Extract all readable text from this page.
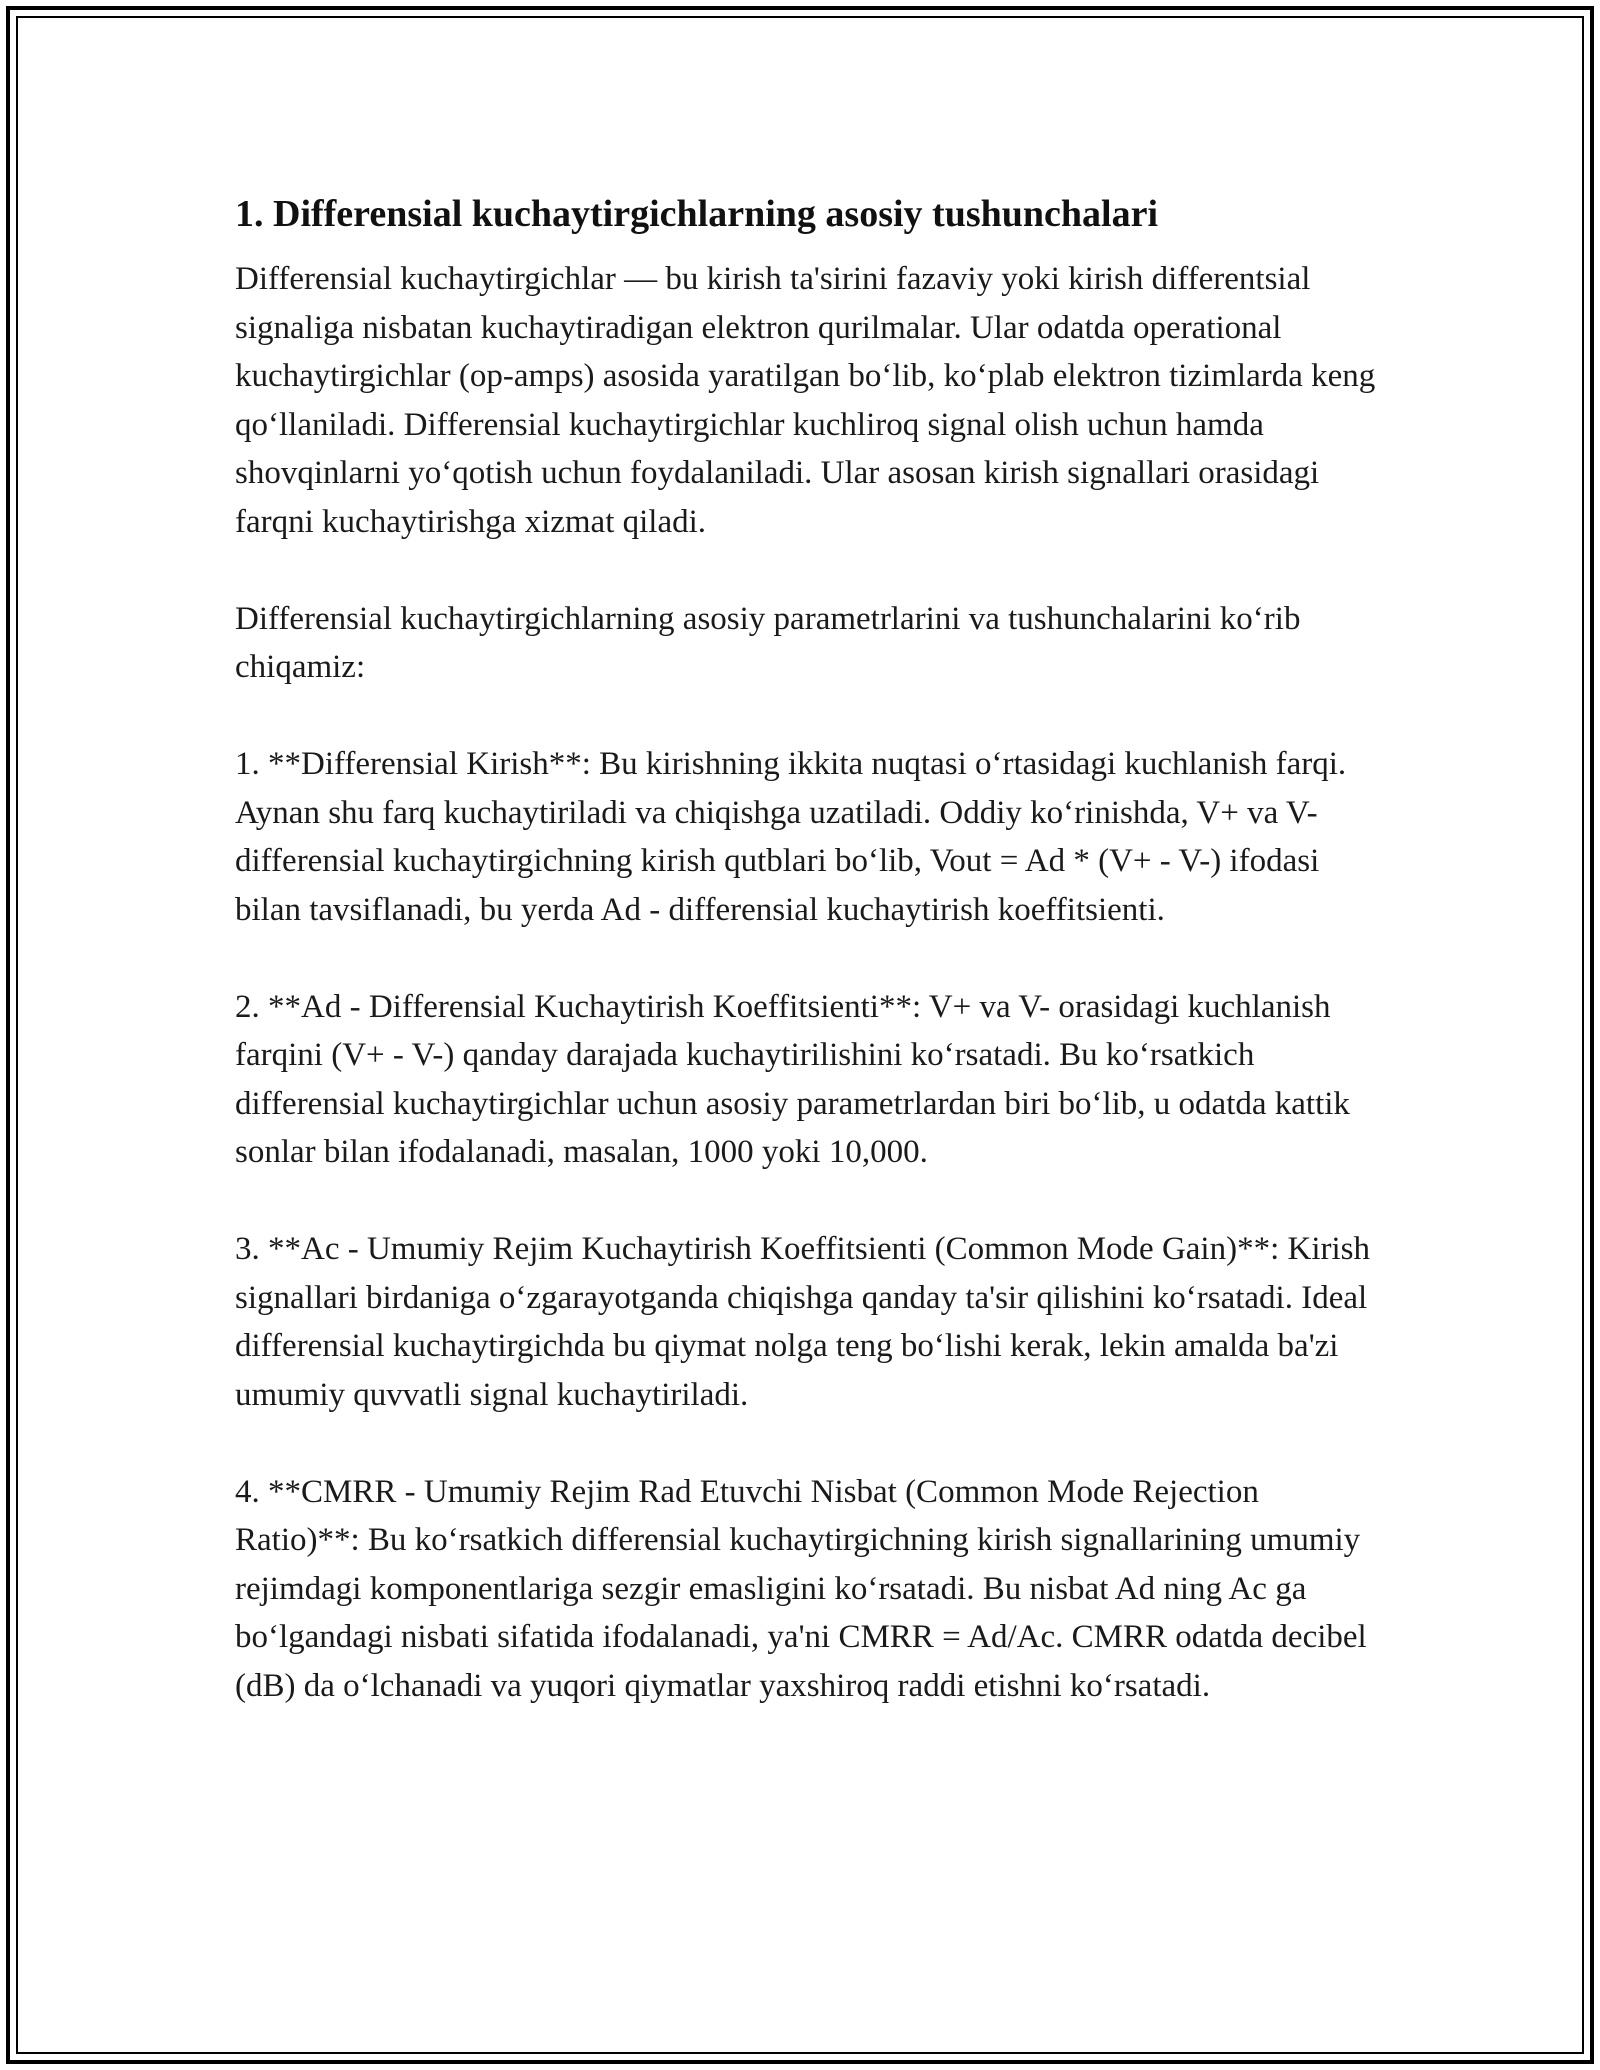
1. Differensial kuchaytirgichlarning asosiy tushunchalari

Differensial kuchaytirgichlar — bu kirish ta'sirini fazaviy yoki kirish differentsial signaliga nisbatan kuchaytiradigan elektron qurilmalar. Ular odatda operational kuchaytirgichlar (op-amps) asosida yaratilgan bo‘lib, ko‘plab elektron tizimlarda keng qo‘llaniladi. Differensial kuchaytirgichlar kuchliroq signal olish uchun hamda shovqinlarni yo‘qotish uchun foydalaniladi. Ular asosan kirish signallari orasidagi farqni kuchaytirishga xizmat qiladi.

Differensial kuchaytirgichlarning asosiy parametrlarini va tushunchalarini ko‘rib chiqamiz:

1. **Differensial Kirish**: Bu kirishning ikkita nuqtasi o‘rtasidagi kuchlanish farqi. Aynan shu farq kuchaytiriladi va chiqishga uzatiladi. Oddiy ko‘rinishda, V+ va V- differensial kuchaytirgichning kirish qutblari bo‘lib, Vout = Ad * (V+ - V-) ifodasi bilan tavsiflanadi, bu yerda Ad - differensial kuchaytirish koeffitsienti.

2. **Ad - Differensial Kuchaytirish Koeffitsienti**: V+ va V- orasidagi kuchlanish farqini (V+ - V-) qanday darajada kuchaytirilishini ko‘rsatadi. Bu ko‘rsatkich differensial kuchaytirgichlar uchun asosiy parametrlardan biri bo‘lib, u odatda kattik sonlar bilan ifodalanadi, masalan, 1000 yoki 10,000.

3. **Ac - Umumiy Rejim Kuchaytirish Koeffitsienti (Common Mode Gain)**: Kirish signallari birdaniga o‘zgarayotganda chiqishga qanday ta'sir qilishini ko‘rsatadi. Ideal differensial kuchaytirgichda bu qiymat nolga teng bo‘lishi kerak, lekin amalda ba'zi umumiy quvvatli signal kuchaytiriladi.

4. **CMRR - Umumiy Rejim Rad Etuvchi Nisbat (Common Mode Rejection Ratio)**: Bu ko‘rsatkich differensial kuchaytirgichning kirish signallarining umumiy rejimdagi komponentlariga sezgir emasligini ko‘rsatadi. Bu nisbat Ad ning Ac ga bo‘lgandagi nisbati sifatida ifodalanadi, ya'ni CMRR = Ad/Ac. CMRR odatda decibel (dB) da o‘lchanadi va yuqori qiymatlar yaxshiroq raddi etishni ko‘rsatadi.
